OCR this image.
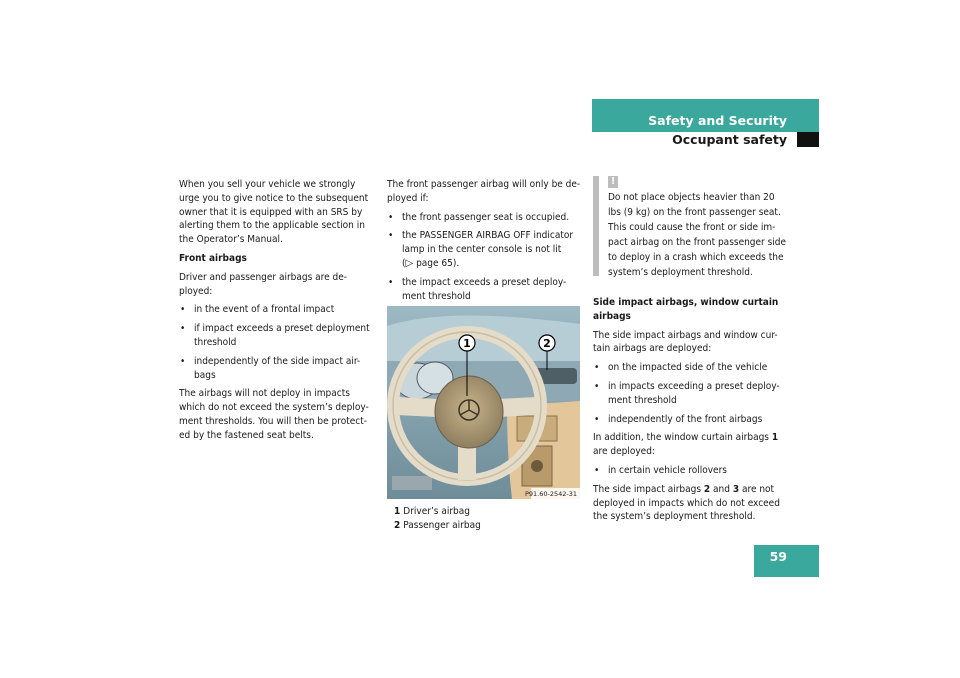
Safety and Security
Occupant safety
59

When you sell your vehicle we strongly urge you to give notice to the subsequent owner that it is equipped with an SRS by alerting them to the applicable section in the Operator’s Manual.

Front airbags

Driver and passenger airbags are de-ployed:

• in the event of a frontal impact
• if impact exceeds a preset deployment threshold
• independently of the side impact air-bags

The airbags will not deploy in impacts which do not exceed the system’s deploy-ment thresholds. You will then be protect-ed by the fastened seat belts.

The front passenger airbag will only be de-ployed if:

• the front passenger seat is occupied.
• the PASSENGER AIRBAG OFF indicator lamp in the center console is not lit
(▷ page 65).
• the impact exceeds a preset deploy-ment threshold
1	2
P91.60-2542-31
1 Driver’s airbag
2 Passenger airbag
!
Do not place objects heavier than 20 lbs (9 kg) on the front passenger seat. This could cause the front or side im-pact airbag on the front passenger side to deploy in a crash which exceeds the system’s deployment threshold.
Side impact airbags, window curtain airbags

The side impact airbags and window cur-tain airbags are deployed:

• on the impacted side of the vehicle
• in impacts exceeding a preset deploy-ment threshold
• independently of the front airbags

In addition, the window curtain airbags 1 are deployed:

• in certain vehicle rollovers

The side impact airbags 2 and 3 are not deployed in impacts which do not exceed the system’s deployment threshold.
